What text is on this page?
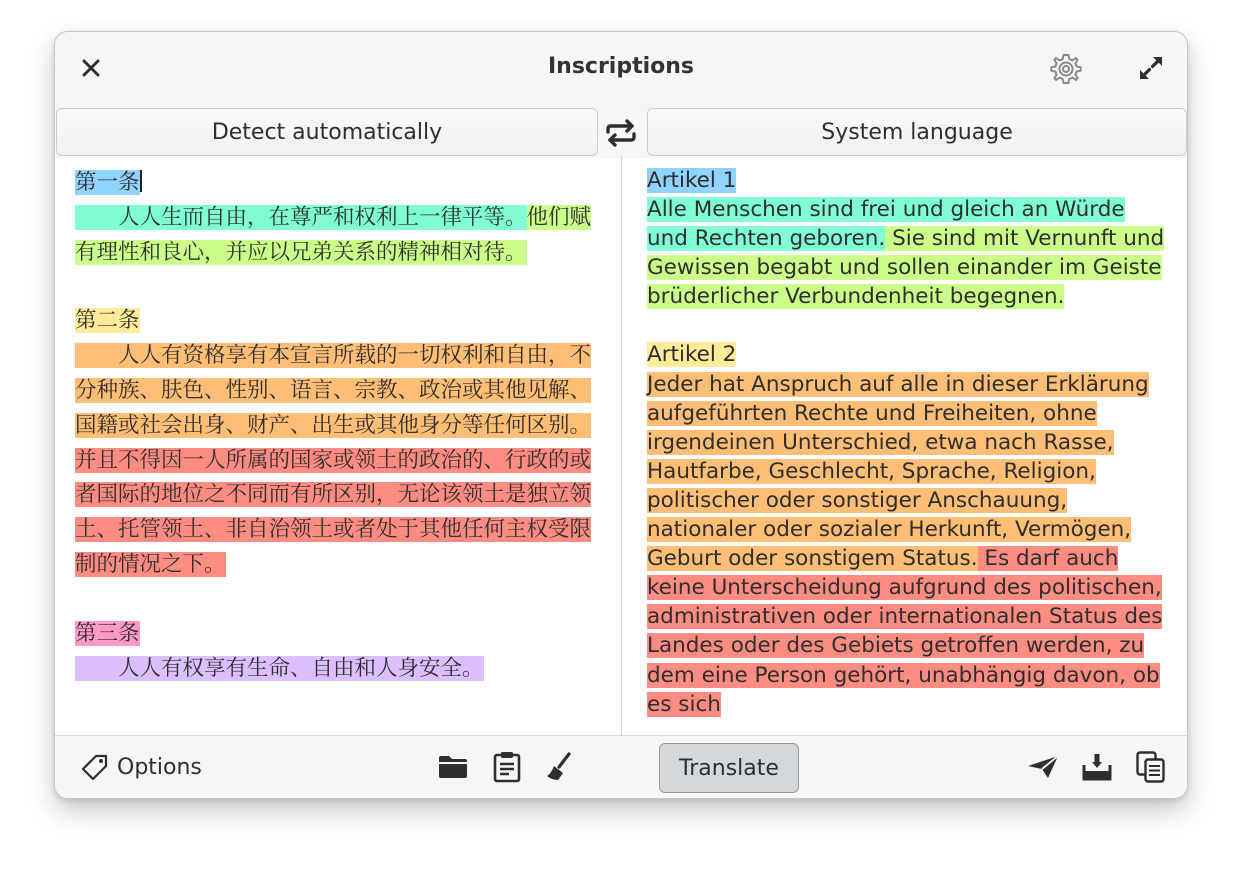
Inscriptions
Detect automatically	System language

第一条
　　人人生而自由，在尊严和权利上一律平等。他们赋有理性和良心，并应以兄弟关系的精神相对待。

第二条
　　人人有资格享有本宣言所载的一切权利和自由，不分种族、肤色、性别、语言、宗教、政治或其他见解、国籍或社会出身、财产、出生或其他身分等任何区别。 并且不得因一人所属的国家或领土的政治的、行政的或者国际的地位之不同而有所区别，无论该领土是独立领土、托管领土、非自治领土或者处于其他任何主权受限制的情况之下。

第三条
　　人人有权享有生命、自由和人身安全。

Artikel 1
Alle Menschen sind frei und gleich an Würde und Rechten geboren. Sie sind mit Vernunft und Gewissen begabt und sollen einander im Geiste brüderlicher Verbundenheit begegnen.

Artikel 2
Jeder hat Anspruch auf alle in dieser Erklärung aufgeführten Rechte und Freiheiten, ohne irgendeinen Unterschied, etwa nach Rasse, Hautfarbe, Geschlecht, Sprache, Religion, politischer oder sonstiger Anschauung, nationaler oder sozialer Herkunft, Vermögen, Geburt oder sonstigem Status. Es darf auch keine Unterscheidung aufgrund des politischen, administrativen oder internationalen Status des Landes oder des Gebiets getroffen werden, zu dem eine Person gehört, unabhängig davon, ob es sich

Options	Translate
